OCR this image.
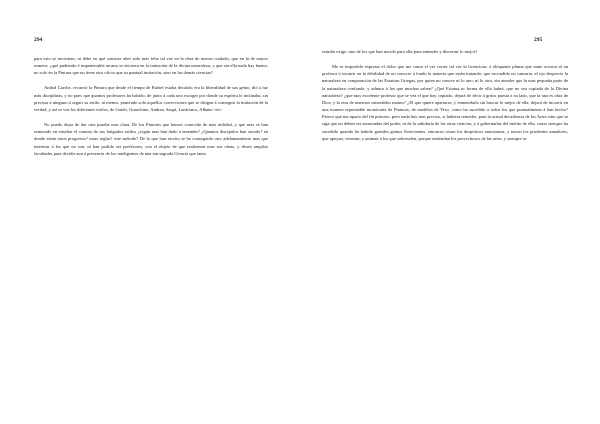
294

para esto se necesitan, ni debe en qué consiste aber sido más feliz tal vez en la obra de menos cuidado, que en la de mayor esmero; ¿qué pudiendo é impenetrable arcano se encierra en la imitación de la divina naturaleza; y que sin ella nada hay bueno, no solo en la Pintura que no tiene otro oficio que su puntual imitación, sino en las demás ciencias?

Anibal Carche, recurrió la Pintura que desde el tiempo de Rafael estaba decaída; era la liberalidad de sus genio, dió a luz más disciplinas, y no pues que quantos profesores ha habido, de junto á cada uno escoger por donde su espíritu le inclinaba, sin precisar a ninguno á seguir su estilo, ni menos, poniendo solo aquellos correcciones que se dirigen á conseguir la imitación de la verdad, y así se vea los diferentes estilos, de Guido, Guarchino, Andrea, Saqui, Lanfranco, Albano -etc-

No puedo dejar de dar otra prueba mas clara. De los Pintores que hemos conocido de mas utilidad, y que mas se han esmerado en enseñar el camino de sus fatigados estilos ¿según mas han dado á entender? ¿Quantos discípulos han sacado? en donde están estos progresos? estas reglas? este método? De lo que han escrito se ha conseguido otro adelantamiento mas que interesar á los que no son, ni han podido ser profesores, con el objeto de que realizasen mas sus obras, y dexes amplias facultades para decidir aun á presencia de los inteligentes de una tan sagrada Ciencia que tanto

295

estudio exige: uno de los que han nacido para ella para entender y discernir lo mejor?

Me es imposible expresar el dolor que me causa el ver correr tal vez la licenciosa, ó elóquente pluma que tanto acostra al un profesor ó incurrir en la debilidad de no conocer á fondo la materia que están tratando; que escondido no cansaria, el ojo desprecie la naturaleza en comparación de las Estatuas Griegas, por quien no conoce ni lo uno, ni lo otro, sin atender que la mas pequeña parte de la naturaleza confunde, y admira á los que muchas saben? ¿Qué Estatua ni forma de ella habrá, que no sea copiada de la Divina naturaleza? ¿que mas excelente profesor que se vea el que hay copiado, dejará de decir á gritos puesta a su lado, que la una es obra de Dios, y la otra de nuestros miserables manos? ¿El que quiere apartarse, y enmendarla sin buscar lo mejor de ella, dejará de incurrir en una manera reprensible monotonía de Pinturas, de modelos de Yeso, como ha sucedido a todos los que puntualmente á han hecho? Parece que me aparto del fin primero, pero nada hay mas preciso, si hubiera remedio, para la actual decadencia de las Artes sino que se siga que no deben ser arrastradas del poder, ni de la sabiduría de las otras ciencias, y á gobernarlas del mérito de ella, como siempre ha sucedido quando ha habido grandes genios florecientes: entonces cesan los despóticos entusiastas, y nacen los prudentes amadores, que apoyan, veneran, y animan á los que sobresalen, porque entiendan los provechosos de las artes, y siempre se
